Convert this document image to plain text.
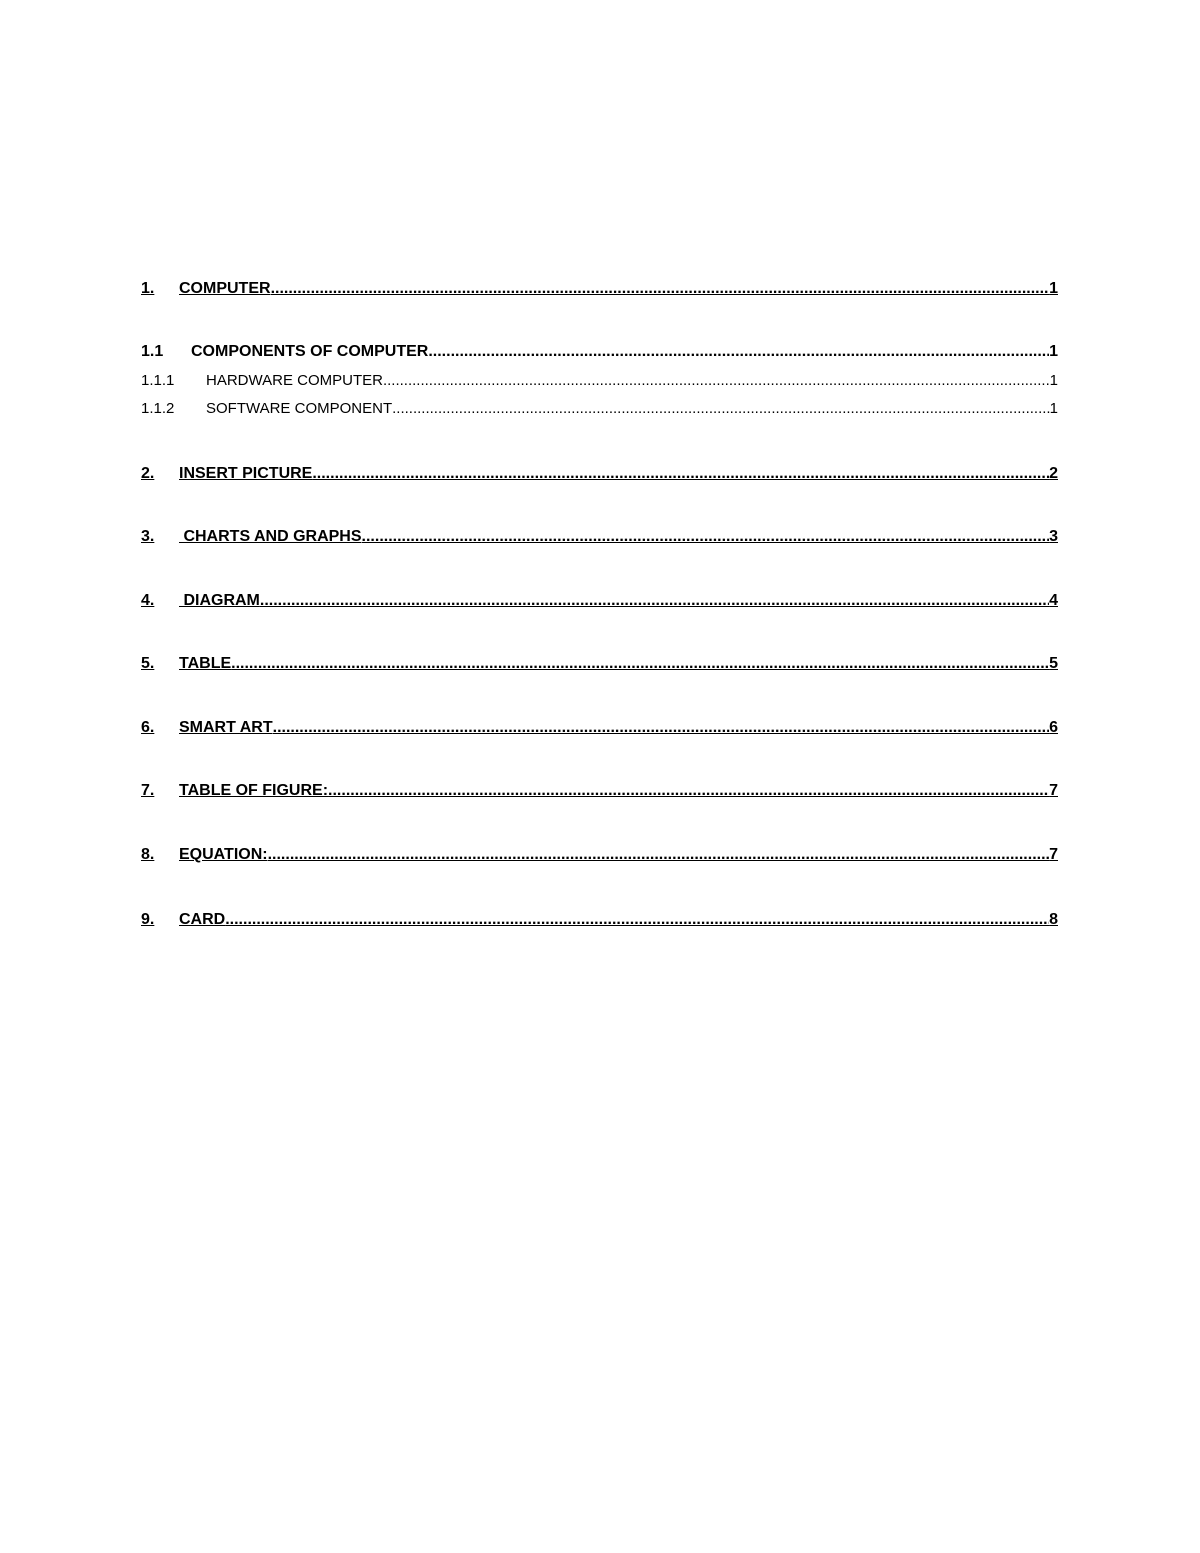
1.	COMPUTER .....	1
1.1	COMPONENTS OF COMPUTER .....	1
1.1.1	HARDWARE COMPUTER .....	1
1.1.2	SOFTWARE COMPONENT .....	1
2.	INSERT PICTURE .....	2
3.	CHARTS AND GRAPHS .....	3
4.	DIAGRAM .....	4
5.	TABLE .....	5
6.	SMART ART .....	6
7.	TABLE OF FIGURE: .....	7
8.	EQUATION: .....	7
9.	CARD .....	8
